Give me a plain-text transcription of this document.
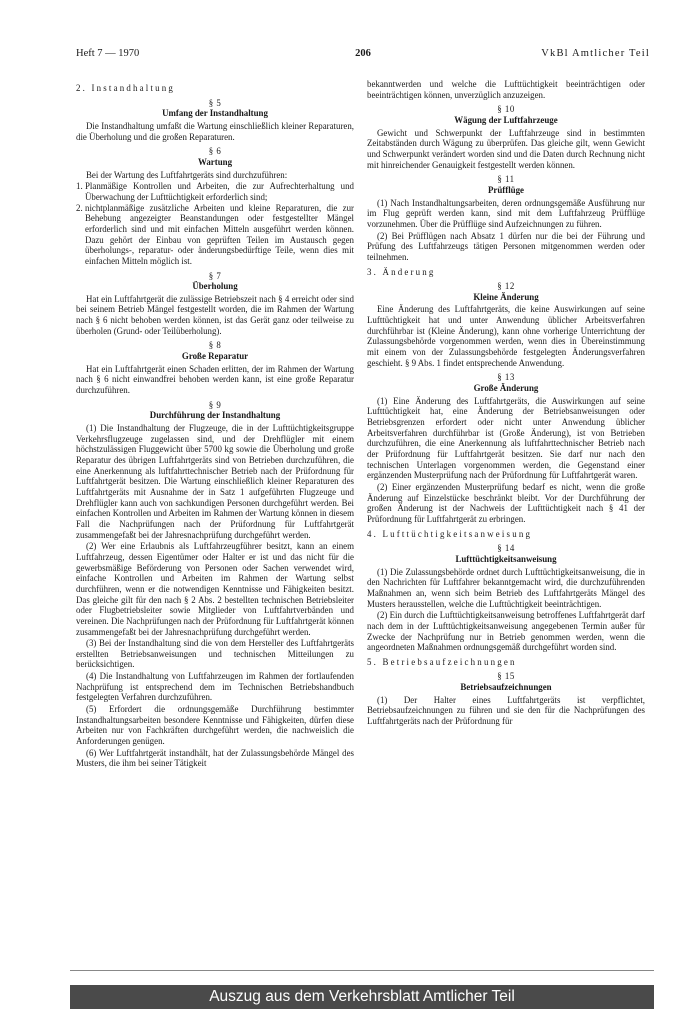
Heft 7 — 1970	206	VkBl Amtlicher Teil
2. Instandhaltung
§ 5
Umfang der Instandhaltung
Die Instandhaltung umfaßt die Wartung einschließlich kleiner Reparaturen, die Überholung und die großen Reparaturen.
§ 6
Wartung
Bei der Wartung des Luftfahrtgeräts sind durchzuführen:
1. Planmäßige Kontrollen und Arbeiten, die zur Aufrechterhaltung und Überwachung der Lufttüchtigkeit erforderlich sind;
2. nichtplanmäßige zusätzliche Arbeiten und kleine Reparaturen, die zur Behebung angezeigter Beanstandungen oder festgestellter Mängel erforderlich sind und mit einfachen Mitteln ausgeführt werden können. Dazu gehört der Einbau von geprüften Teilen im Austausch gegen überholungs-, reparatur- oder änderungsbedürftige Teile, wenn dies mit einfachen Mitteln möglich ist.
§ 7
Überholung
Hat ein Luftfahrtgerät die zulässige Betriebszeit nach § 4 erreicht oder sind bei seinem Betrieb Mängel festgestellt worden, die im Rahmen der Wartung nach § 6 nicht behoben werden können, ist das Gerät ganz oder teilweise zu überholen (Grund- oder Teilüberholung).
§ 8
Große Reparatur
Hat ein Luftfahrtgerät einen Schaden erlitten, der im Rahmen der Wartung nach § 6 nicht einwandfrei behoben werden kann, ist eine große Reparatur durchzuführen.
§ 9
Durchführung der Instandhaltung
(1) Die Instandhaltung der Flugzeuge, die in der Lufttüchtigkeitsgruppe Verkehrsflugzeuge zugelassen sind, und der Drehflügler mit einem höchstzulässigen Fluggewicht über 5700 kg sowie die Überholung und große Reparatur des übrigen Luftfahrtgeräts sind von Betrieben durchzuführen, die eine Anerkennung als luftfahrttechnischer Betrieb nach der Prüfordnung für Luftfahrtgerät besitzen. Die Wartung einschließlich kleiner Reparaturen des Luftfahrtgeräts mit Ausnahme der in Satz 1 aufgeführten Flugzeuge und Drehflügler kann auch von sachkundigen Personen durchgeführt werden. Bei einfachen Kontrollen und Arbeiten im Rahmen der Wartung können in diesem Fall die Nachprüfungen nach der Prüfordnung für Luftfahrtgerät zusammengefaßt bei der Jahresnachprüfung durchgeführt werden.
(2) Wer eine Erlaubnis als Luftfahrzeugführer besitzt, kann an einem Luftfahrzeug, dessen Eigentümer oder Halter er ist und das nicht für die gewerbsmäßige Beförderung von Personen oder Sachen verwendet wird, einfache Kontrollen und Arbeiten im Rahmen der Wartung selbst durchführen, wenn er die notwendigen Kenntnisse und Fähigkeiten besitzt. Das gleiche gilt für den nach § 2 Abs. 2 bestellten technischen Betriebsleiter oder Flugbetriebsleiter sowie Mitglieder von Luftfahrtverbänden und vereinen. Die Nachprüfungen nach der Prüfordnung für Luftfahrtgerät können zusammengefaßt bei der Jahresnachprüfung durchgeführt werden.
(3) Bei der Instandhaltung sind die von dem Hersteller des Luftfahrtgeräts erstellten Betriebsanweisungen und technischen Mitteilungen zu berücksichtigen.
(4) Die Instandhaltung von Luftfahrzeugen im Rahmen der fortlaufenden Nachprüfung ist entsprechend dem im Technischen Betriebshandbuch festgelegten Verfahren durchzuführen.
(5) Erfordert die ordnungsgemäße Durchführung bestimmter Instandhaltungsarbeiten besondere Kenntnisse und Fähigkeiten, dürfen diese Arbeiten nur von Fachkräften durchgeführt werden, die nachweislich die Anforderungen genügen.
(6) Wer Luftfahrtgerät instandhält, hat der Zulassungsbehörde Mängel des Musters, die ihm bei seiner Tätigkeit
bekanntwerden und welche die Lufttüchtigkeit beeinträchtigen oder beeinträchtigen können, unverzüglich anzuzeigen.
§ 10
Wägung der Luftfahrzeuge
Gewicht und Schwerpunkt der Luftfahrzeuge sind in bestimmten Zeitabständen durch Wägung zu überprüfen. Das gleiche gilt, wenn Gewicht und Schwerpunkt verändert worden sind und die Daten durch Rechnung nicht mit hinreichender Genauigkeit festgestellt werden können.
§ 11
Prüfflüge
(1) Nach Instandhaltungsarbeiten, deren ordnungsgemäße Ausführung nur im Flug geprüft werden kann, sind mit dem Luftfahrzeug Prüfflüge vorzunehmen. Über die Prüfflüge sind Aufzeichnungen zu führen.
(2) Bei Prüfflügen nach Absatz 1 dürfen nur die bei der Führung und Prüfung des Luftfahrzeugs tätigen Personen mitgenommen werden oder teilnehmen.
3. Änderung
§ 12
Kleine Änderung
Eine Änderung des Luftfahrtgeräts, die keine Auswirkungen auf seine Lufttüchtigkeit hat und unter Anwendung üblicher Arbeitsverfahren durchführbar ist (Kleine Änderung), kann ohne vorherige Unterrichtung der Zulassungsbehörde vorgenommen werden, wenn dies in Übereinstimmung mit einem von der Zulassungsbehörde festgelegten Änderungsverfahren geschieht. § 9 Abs. 1 findet entsprechende Anwendung.
§ 13
Große Änderung
(1) Eine Änderung des Luftfahrtgeräts, die Auswirkungen auf seine Lufttüchtigkeit hat, eine Änderung der Betriebsanweisungen oder Betriebsgrenzen erfordert oder nicht unter Anwendung üblicher Arbeitsverfahren durchführbar ist (Große Änderung), ist von Betrieben durchzuführen, die eine Anerkennung als luftfahrttechnischer Betrieb nach der Prüfordnung für Luftfahrtgerät besitzen. Sie darf nur nach den technischen Unterlagen vorgenommen werden, die Gegenstand einer ergänzenden Musterprüfung nach der Prüfordnung für Luftfahrtgerät waren.
(2) Einer ergänzenden Musterprüfung bedarf es nicht, wenn die große Änderung auf Einzelstücke beschränkt bleibt. Vor der Durchführung der großen Änderung ist der Nachweis der Lufttüchtigkeit nach § 41 der Prüfordnung für Luftfahrtgerät zu erbringen.
4. Lufttüchtigkeitsanweisung
§ 14
Lufttüchtigkeitsanweisung
(1) Die Zulassungsbehörde ordnet durch Lufttüchtigkeitsanweisung, die in den Nachrichten für Luftfahrer bekanntgemacht wird, die durchzuführenden Maßnahmen an, wenn sich beim Betrieb des Luftfahrtgeräts Mängel des Musters herausstellen, welche die Lufttüchtigkeit beeinträchtigen.
(2) Ein durch die Lufttüchtigkeitsanweisung betroffenes Luftfahrtgerät darf nach dem in der Lufttüchtigkeitsanweisung angegebenen Termin außer für Zwecke der Nachprüfung nur in Betrieb genommen werden, wenn die angeordneten Maßnahmen ordnungsgemäß durchgeführt worden sind.
5. Betriebsaufzeichnungen
§ 15
Betriebsaufzeichnungen
(1) Der Halter eines Luftfahrtgeräts ist verpflichtet, Betriebsaufzeichnungen zu führen und sie den für die Nachprüfungen des Luftfahrtgeräts nach der Prüfordnung für
Auszug aus dem Verkehrsblatt Amtlicher Teil
